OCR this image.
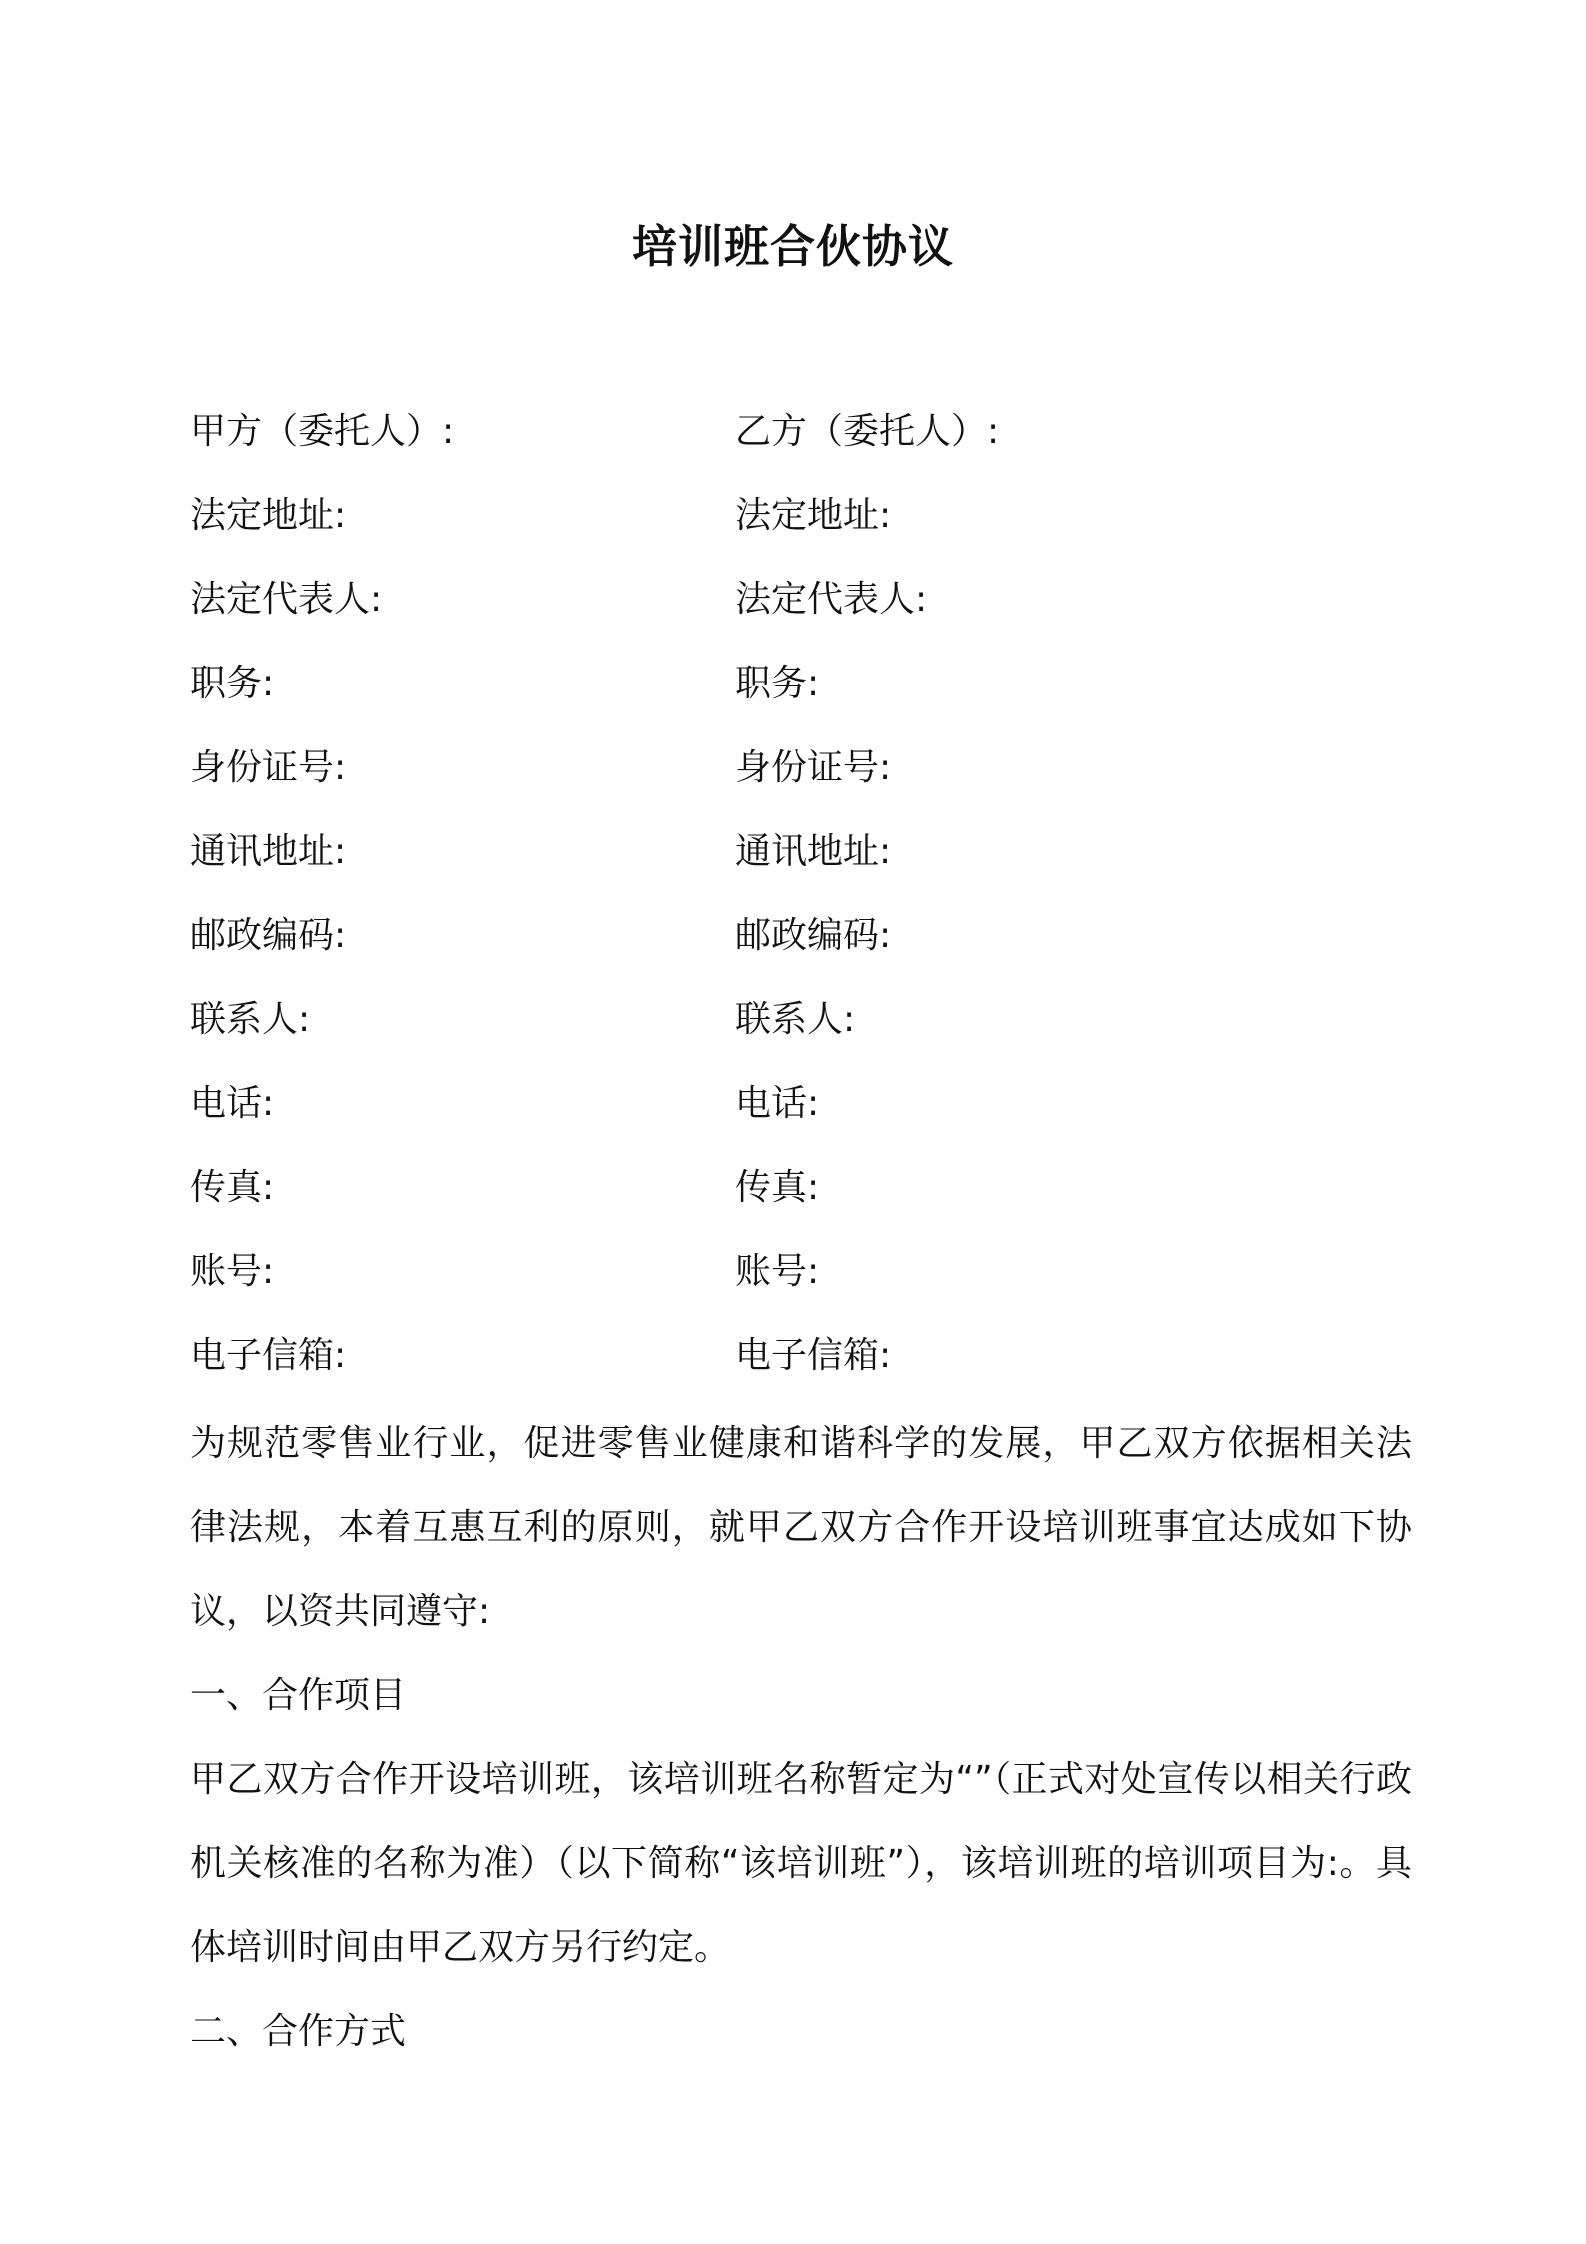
培训班合伙协议
甲方（委托人）:	乙方（委托人）:
法定地址:	法定地址:
法定代表人:	法定代表人:
职务:	职务:
身份证号:	身份证号:
通讯地址:	通讯地址:
邮政编码:	邮政编码:
联系人:	联系人:
电话:	电话:
传真:	传真:
账号:	账号:
电子信箱:	电子信箱:

为规范零售业行业，促进零售业健康和谐科学的发展，甲乙双方依据相关法律法规，本着互惠互利的原则，就甲乙双方合作开设培训班事宜达成如下协议，以资共同遵守:

一、合作项目

甲乙双方合作开设培训班，该培训班名称暂定为“”（正式对处宣传以相关行政机关核准的名称为准）（以下简称“该培训班”），该培训班的培训项目为:。具体培训时间由甲乙双方另行约定。

二、合作方式
